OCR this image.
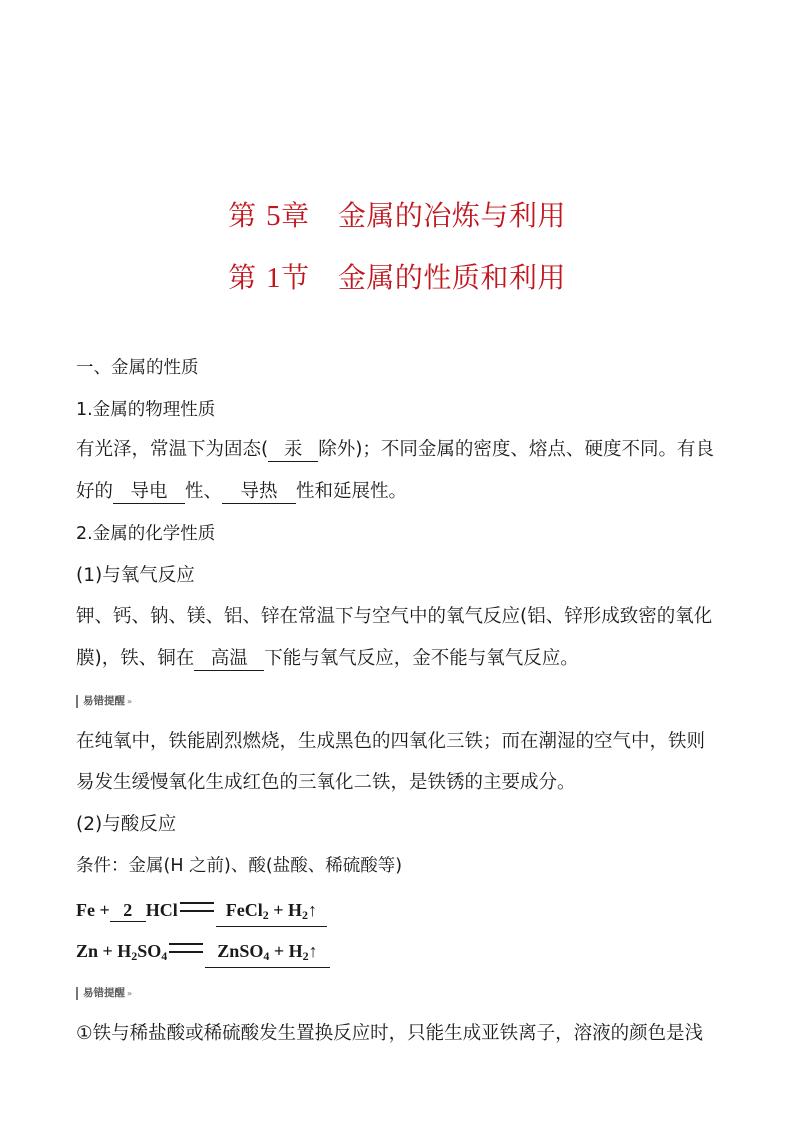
第 5章 金属的冶炼与利用
第 1节 金属的性质和利用
一、金属的性质
1.金属的物理性质
有光泽，常温下为固态( 汞 除外)；不同金属的密度、熔点、硬度不同。有良
好的 导电 性、 导热 性和延展性。
2.金属的化学性质
(1)与氧气反应
钾、钙、钠、镁、铝、锌在常温下与空气中的氧气反应(铝、锌形成致密的氧化
膜)，铁、铜在 高温 下能与氧气反应，金不能与氧气反应。
易错提醒 »
在纯氧中，铁能剧烈燃烧，生成黑色的四氧化三铁；而在潮湿的空气中，铁则
易发生缓慢氧化生成红色的三氧化二铁，是铁锈的主要成分。
(2)与酸反应
条件：金属(H 之前)、酸(盐酸、稀硫酸等)
Fe + 2 HCl	FeCl$_2$ + $H_2↑$
$Zn + H_2SO_4$	ZnSO$_4$ + $H_2↑$
易错提醒 »
①铁与稀盐酸或稀硫酸发生置换反应时，只能生成亚铁离子，溶液的颜色是浅
